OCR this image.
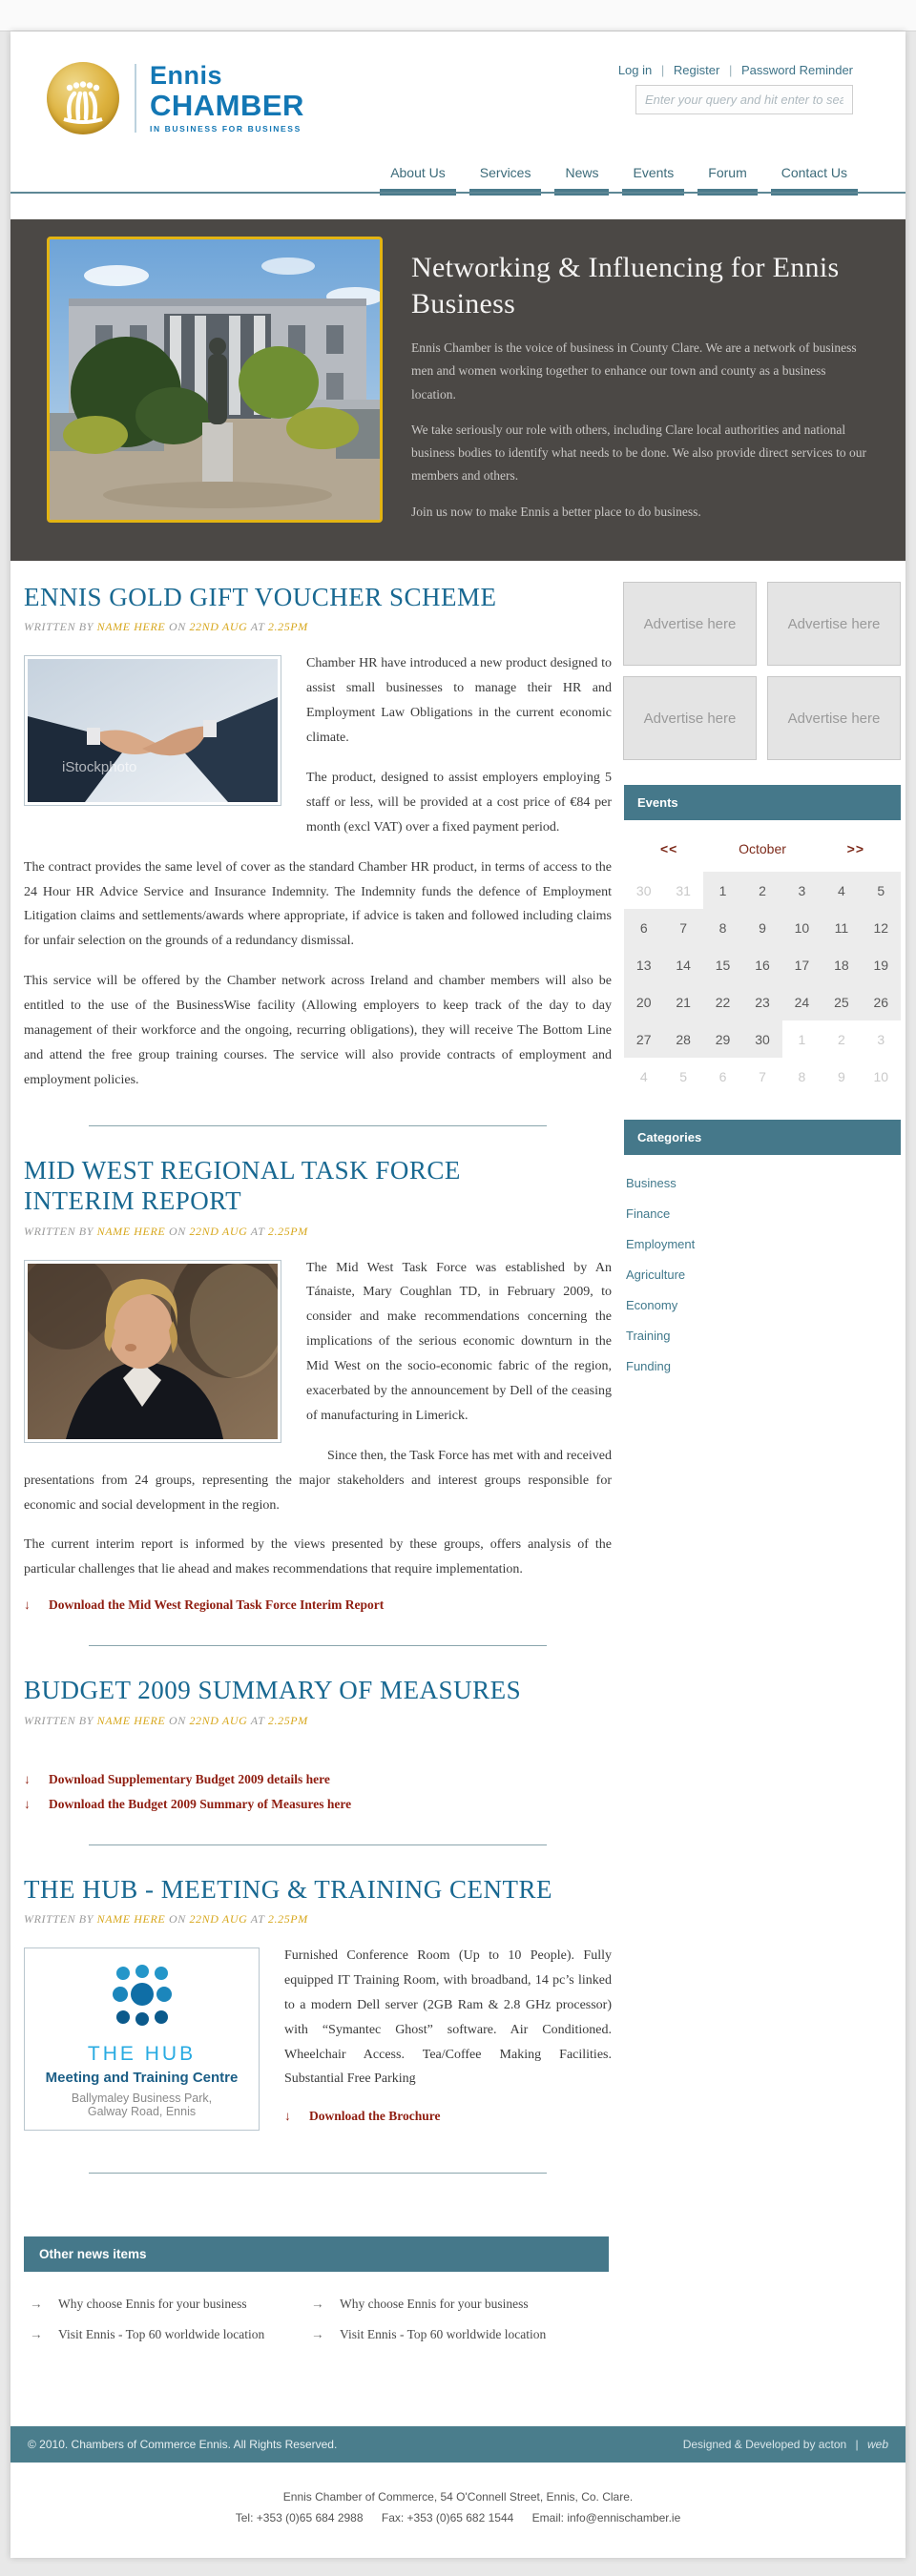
Ennis
CHAMBER
IN BUSINESS FOR BUSINESS
Log in | Register | Password Reminder
Enter your query and hit enter to search
About Us	Services	News	Events	Forum	Contact Us
Networking & Influencing for Ennis Business

Ennis Chamber is the voice of business in County Clare. We are a network of business men and women working together to enhance our town and county as a business location.

We take seriously our role with others, including Clare local authorities and national business bodies to identify what needs to be done. We also provide direct services to our members and others.

Join us now to make Ennis a better place to do business.

ENNIS GOLD GIFT VOUCHER SCHEME
WRITTEN BY NAME HERE ON 22ND AUG AT 2.25PM
iStockphoto

Chamber HR have introduced a new product designed to assist small businesses to manage their HR and Employment Law Obligations in the current economic climate.

The product, designed to assist employers employing 5 staff or less, will be provided at a cost price of €84 per month (excl VAT) over a fixed payment period.

The contract provides the same level of cover as the standard Chamber HR product, in terms of access to the 24 Hour HR Advice Service and Insurance Indemnity. The Indemnity funds the defence of Employment Litigation claims and settlements/awards where appropriate, if advice is taken and followed including claims for unfair selection on the grounds of a redundancy dismissal.

This service will be offered by the Chamber network across Ireland and chamber members will also be entitled to the use of the BusinessWise facility (Allowing employers to keep track of the day to day management of their workforce and the ongoing, recurring obligations), they will receive The Bottom Line and attend the free group training courses. The service will also provide contracts of employment and employment policies.

MID WEST REGIONAL TASK FORCE INTERIM REPORT
WRITTEN BY NAME HERE ON 22ND AUG AT 2.25PM

The Mid West Task Force was established by An Tánaiste, Mary Coughlan TD, in February 2009, to consider and make recommendations concerning the implications of the serious economic downturn in the Mid West on the socio-economic fabric of the region, exacerbated by the announcement by Dell of the ceasing of manufacturing in Limerick.

Since then, the Task Force has met with and received presentations from 24 groups, representing the major stakeholders and interest groups responsible for economic and social development in the region.

The current interim report is informed by the views presented by these groups, offers analysis of the particular challenges that lie ahead and makes recommendations that require implementation.

↓ Download the Mid West Regional Task Force Interim Report
BUDGET 2009 SUMMARY OF MEASURES
WRITTEN BY NAME HERE ON 22ND AUG AT 2.25PM
↓ Download Supplementary Budget 2009 details here
↓ Download the Budget 2009 Summary of Measures here
THE HUB - MEETING & TRAINING CENTRE
WRITTEN BY NAME HERE ON 22ND AUG AT 2.25PM
THE HUB
Meeting and Training Centre
Ballymaley Business Park,
Galway Road, Ennis

Furnished Conference Room (Up to 10 People). Fully equipped IT Training Room, with broadband, 14 pc’s linked to a modern Dell server (2GB Ram & 2.8 GHz processor) with “Symantec Ghost” software. Air Conditioned. Wheelchair Access. Tea/Coffee Making Facilities. Substantial Free Parking

↓ Download the Brochure
Advertise here	Advertise here
Advertise here	Advertise here
Events
<<	October	>>
30	31	1	2	3	4	5
6	7	8	9	10	11	12
13	14	15	16	17	18	19
20	21	22	23	24	25	26
27	28	29	30	1	2	3
4	5	6	7	8	9	10
Categories
Business
Finance
Employment
Agriculture
Economy
Training
Funding
Other news items
→ Why choose Ennis for your business
→ Visit Ennis - Top 60 worldwide location
→ Why choose Ennis for your business
→ Visit Ennis - Top 60 worldwide location
© 2010. Chambers of Commerce Ennis. All Rights Reserved.	Designed & Developed by acton | web
Ennis Chamber of Commerce, 54 O'Connell Street, Ennis, Co. Clare.
Tel: +353 (0)65 684 2988 Fax: +353 (0)65 682 1544 Email: info@ennischamber.ie
